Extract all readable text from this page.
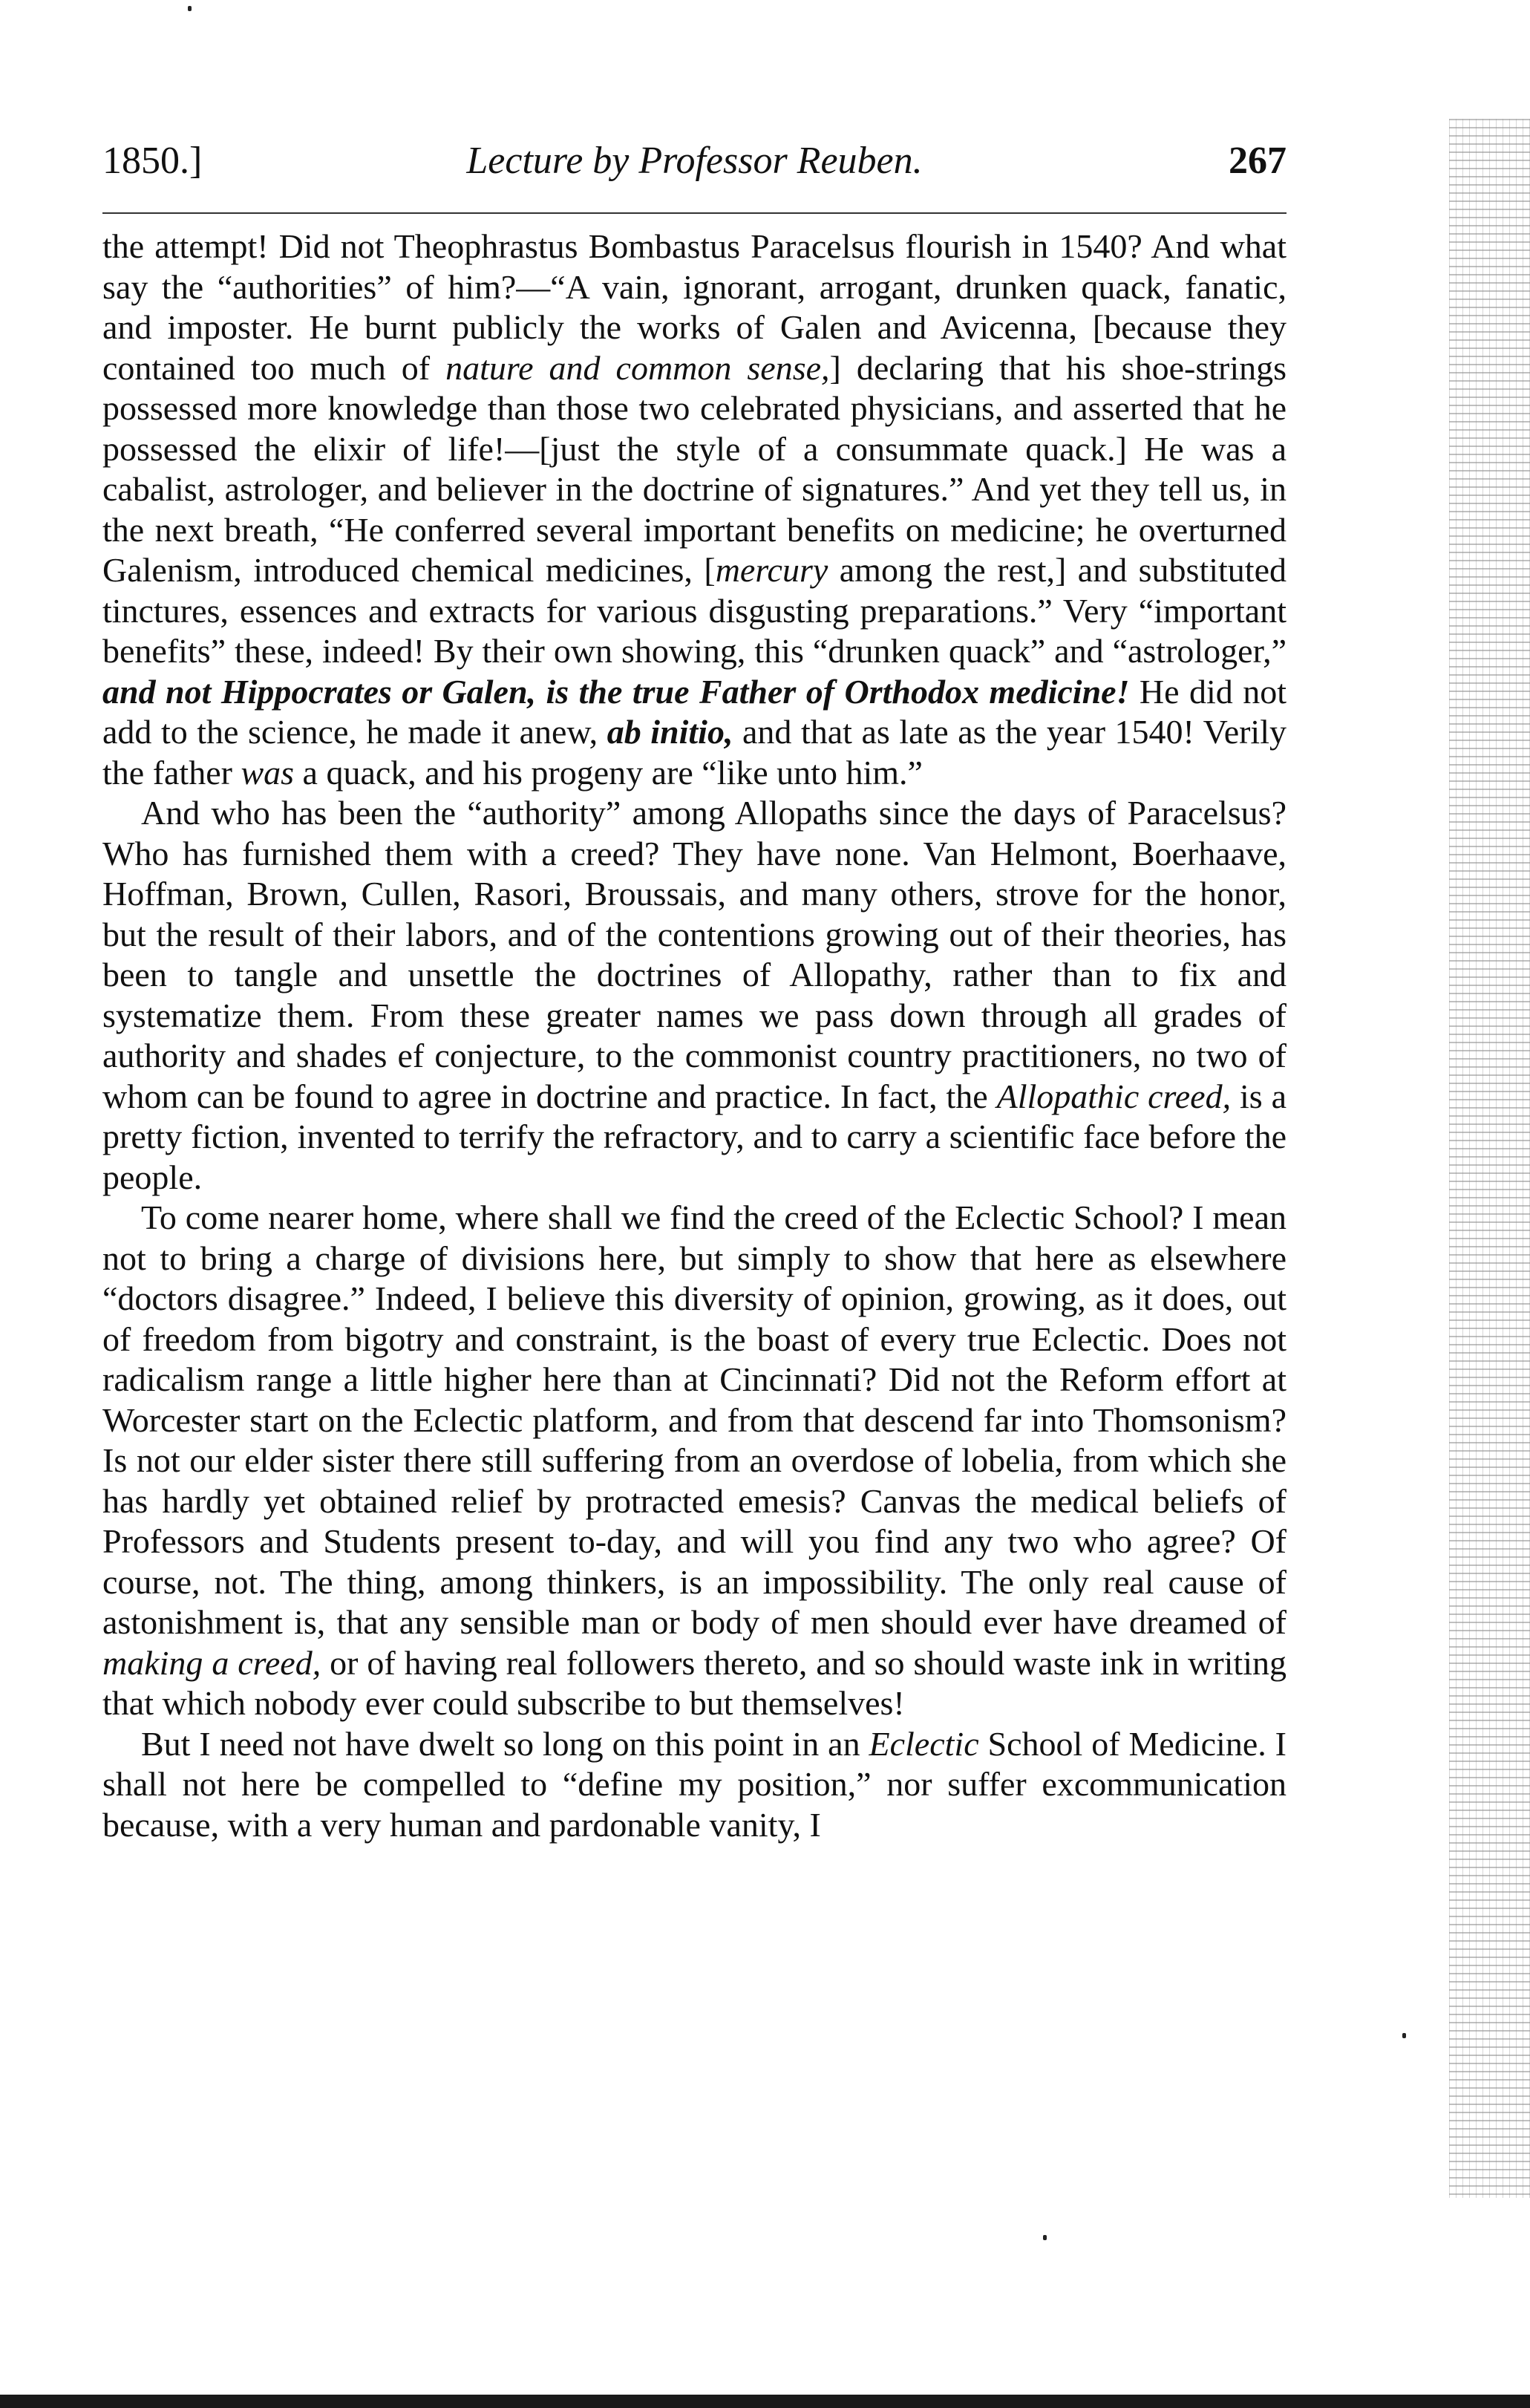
1850.]	Lecture by Professor Reuben.	267

the attempt! Did not Theophrastus Bombastus Paracelsus flourish in 1540? And what say the “authorities” of him?—“A vain, ignorant, arrogant, drunken quack, fanatic, and imposter. He burnt publicly the works of Galen and Avicenna, [because they contained too much of nature and common sense,] declaring that his shoe-strings possessed more knowledge than those two celebrated physicians, and asserted that he possessed the elixir of life!—[just the style of a consummate quack.] He was a cabalist, astrologer, and believer in the doctrine of signatures.” And yet they tell us, in the next breath, “He conferred several important benefits on medicine; he overturned Galenism, introduced chemical medicines, [mercury among the rest,] and substituted tinctures, essences and extracts for various disgusting preparations.” Very “important benefits” these, indeed! By their own showing, this “drunken quack” and “astrologer,” and not Hippocrates or Galen, is the true Father of Orthodox medicine! He did not add to the science, he made it anew, ab initio, and that as late as the year 1540! Verily the father was a quack, and his progeny are “like unto him.”

And who has been the “authority” among Allopaths since the days of Paracelsus? Who has furnished them with a creed? They have none. Van Helmont, Boerhaave, Hoffman, Brown, Cullen, Rasori, Broussais, and many others, strove for the honor, but the result of their labors, and of the contentions growing out of their theories, has been to tangle and unsettle the doctrines of Allopathy, rather than to fix and systematize them. From these greater names we pass down through all grades of authority and shades ef conjecture, to the commonist country practitioners, no two of whom can be found to agree in doctrine and practice. In fact, the Allopathic creed, is a pretty fiction, invented to terrify the refractory, and to carry a scientific face before the people.

To come nearer home, where shall we find the creed of the Eclectic School? I mean not to bring a charge of divisions here, but simply to show that here as elsewhere “doctors disagree.” Indeed, I believe this diversity of opinion, growing, as it does, out of freedom from bigotry and constraint, is the boast of every true Eclectic. Does not radicalism range a little higher here than at Cincinnati? Did not the Reform effort at Worcester start on the Eclectic platform, and from that descend far into Thomsonism? Is not our elder sister there still suffering from an overdose of lobelia, from which she has hardly yet obtained relief by protracted emesis? Canvas the medical beliefs of Professors and Students present to-day, and will you find any two who agree? Of course, not. The thing, among thinkers, is an impossibility. The only real cause of astonishment is, that any sensible man or body of men should ever have dreamed of making a creed, or of having real followers thereto, and so should waste ink in writing that which nobody ever could subscribe to but themselves!

But I need not have dwelt so long on this point in an Eclectic School of Medicine. I shall not here be compelled to “define my position,” nor suffer excommunication because, with a very human and pardonable vanity, I
